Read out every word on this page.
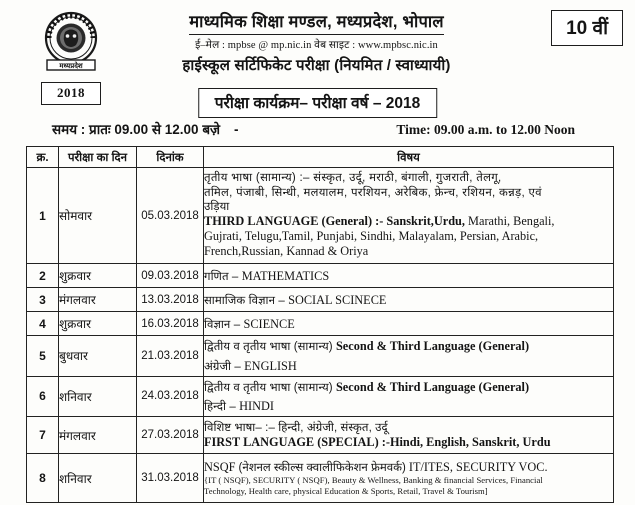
मध्यप्रदेश
2018
10 वीं
माध्यमिक शिक्षा मण्डल, मध्यप्रदेश, भोपाल
ई–मेल : mpbse @ mp.nic.in वेब साइट : www.mpbsc.nic.in
हाईस्कूल सर्टिफिकेट परीक्षा (नियमित / स्वाध्यायी)
परीक्षा कार्यक्रम– परीक्षा वर्ष – 2018
समय : प्रातः 09.00 से 12.00 बज़े -	Time: 09.00 a.m. to 12.00 Noon
क्र.	परीक्षा का दिन	दिनांक	विषय
1	सोमवार	05.03.2018	
तृतीय भाषा (सामान्य) :– संस्कृत, उर्दू, मराठी, बंगाली, गुजराती, तेलगू,
तमिल, पंजाबी, सिन्धी, मलयालम, परशियन, अरेबिक, फ्रेन्च, रशियन, कन्नड़, एवं
उड़िया
THIRD LANGUAGE (General) :- Sanskrit,Urdu, Marathi, Bengali,
Gujrati, Telugu,Tamil, Punjabi, Sindhi, Malayalam, Persian, Arabic,
French,Russian, Kannad & Oriya

2	शुक्रवार	09.03.2018	गणित – MATHEMATICS
3	मंगलवार	13.03.2018	सामाजिक विज्ञान – SOCIAL SCINECE
4	शुक्रवार	16.03.2018	विज्ञान – SCIENCE
5	बुधवार	21.03.2018	द्वितीय व तृतीय भाषा (सामान्य) Second & Third Language (General)
अंग्रेजी – ENGLISH

6	शनिवार	24.03.2018	द्वितीय व तृतीय भाषा (सामान्य) Second & Third Language (General)
हिन्दी – HINDI

7	मंगलवार	27.03.2018	विशिष्ट भाषा– :– हिन्दी, अंग्रेजी, संस्कृत, उर्दू
FIRST LANGUAGE (SPECIAL) :-Hindi, English, Sanskrit, Urdu

8	शनिवार	31.03.2018	NSQF (नेशनल स्कील्स क्वालीफिकेशन फ्रेमवर्क) IT/ITES, SECURITY VOC.
{IT ( NSQF), SECURITY ( NSQF), Beauty & Wellness, Banking & financial Services, Financial
Technology, Health care, physical Education & Sports, Retail, Travel & Tourism]
